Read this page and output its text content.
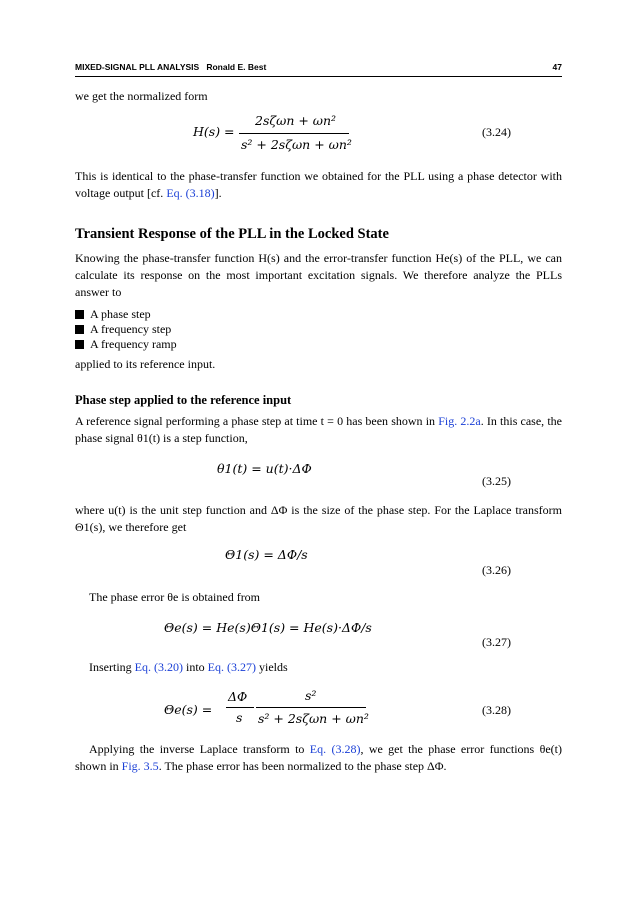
MIXED-SIGNAL PLL ANALYSIS Ronald E. Best	47
we get the normalized form
H(s) =
2sζωn + ωn²
s² + 2sζωn + ωn²
(3.24)
This is identical to the phase-transfer function we obtained for the PLL using a phase detector with voltage output [cf. Eq. (3.18)].
Transient Response of the PLL in the Locked State
Knowing the phase-transfer function H(s) and the error-transfer function He(s) of the PLL, we can calculate its response on the most important excitation signals. We therefore analyze the PLLs answer to
A phase step
A frequency step
A frequency ramp
applied to its reference input.
Phase step applied to the reference input
A reference signal performing a phase step at time t = 0 has been shown in Fig. 2.2a. In this case, the phase signal θ1(t) is a step function,
θ1(t) = u(t)·ΔΦ
(3.25)
where u(t) is the unit step function and ΔΦ is the size of the phase step. For the Laplace transform Θ1(s), we therefore get
Θ1(s) = ΔΦ/s
(3.26)
The phase error θe is obtained from
Θe(s) = He(s)Θ1(s) = He(s)·ΔΦ/s
(3.27)
Inserting Eq. (3.20) into Eq. (3.27) yields
Θe(s) =
ΔΦ
s
s²
s² + 2sζωn + ωn²
(3.28)
Applying the inverse Laplace transform to Eq. (3.28), we get the phase error functions θe(t) shown in Fig. 3.5. The phase error has been normalized to the phase step ΔΦ.
